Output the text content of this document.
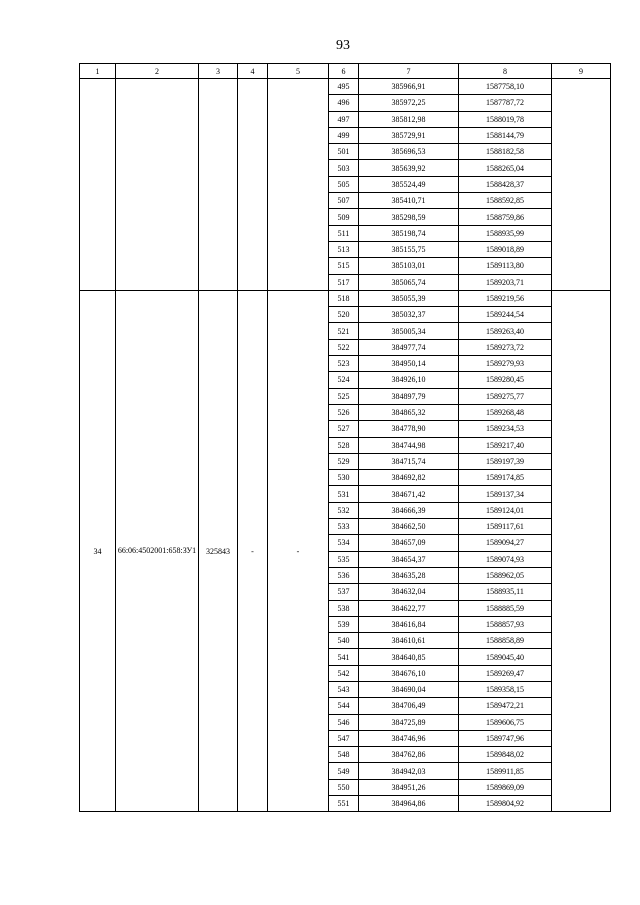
93
1	2	3	4	5	6	7	8	9
					495	385966,91	1587758,10	
					496	385972,25	1587787,72	
					497	385812,98	1588019,78	
					499	385729,91	1588144,79	
					501	385696,53	1588182,58	
					503	385639,92	1588265,04	
					505	385524,49	1588428,37	
					507	385410,71	1588592,85	
					509	385298,59	1588759,86	
					511	385198,74	1588935,99	
					513	385155,75	1589018,89	
					515	385103,01	1589113,80	
					517	385065,74	1589203,71	
34	66:06:4502001:658:ЗУ1	325843	-	-	518	385055,39	1589219,56	
					520	385032,37	1589244,54	
					521	385005,34	1589263,40	
					522	384977,74	1589273,72	
					523	384950,14	1589279,93	
					524	384926,10	1589280,45	
					525	384897,79	1589275,77	
					526	384865,32	1589268,48	
					527	384778,90	1589234,53	
					528	384744,98	1589217,40	
					529	384715,74	1589197,39	
					530	384692,82	1589174,85	
					531	384671,42	1589137,34	
					532	384666,39	1589124,01	
					533	384662,50	1589117,61	
					534	384657,09	1589094,27	
					535	384654,37	1589074,93	
					536	384635,28	1588962,05	
					537	384632,04	1588935,11	
					538	384622,77	1588885,59	
					539	384616,84	1588857,93	
					540	384610,61	1588858,89	
					541	384640,85	1589045,40	
					542	384676,10	1589269,47	
					543	384690,04	1589358,15	
					544	384706,49	1589472,21	
					546	384725,89	1589606,75	
					547	384746,96	1589747,96	
					548	384762,86	1589848,02	
					549	384942,03	1589911,85	
					550	384951,26	1589869,09	
					551	384964,86	1589804,92	
